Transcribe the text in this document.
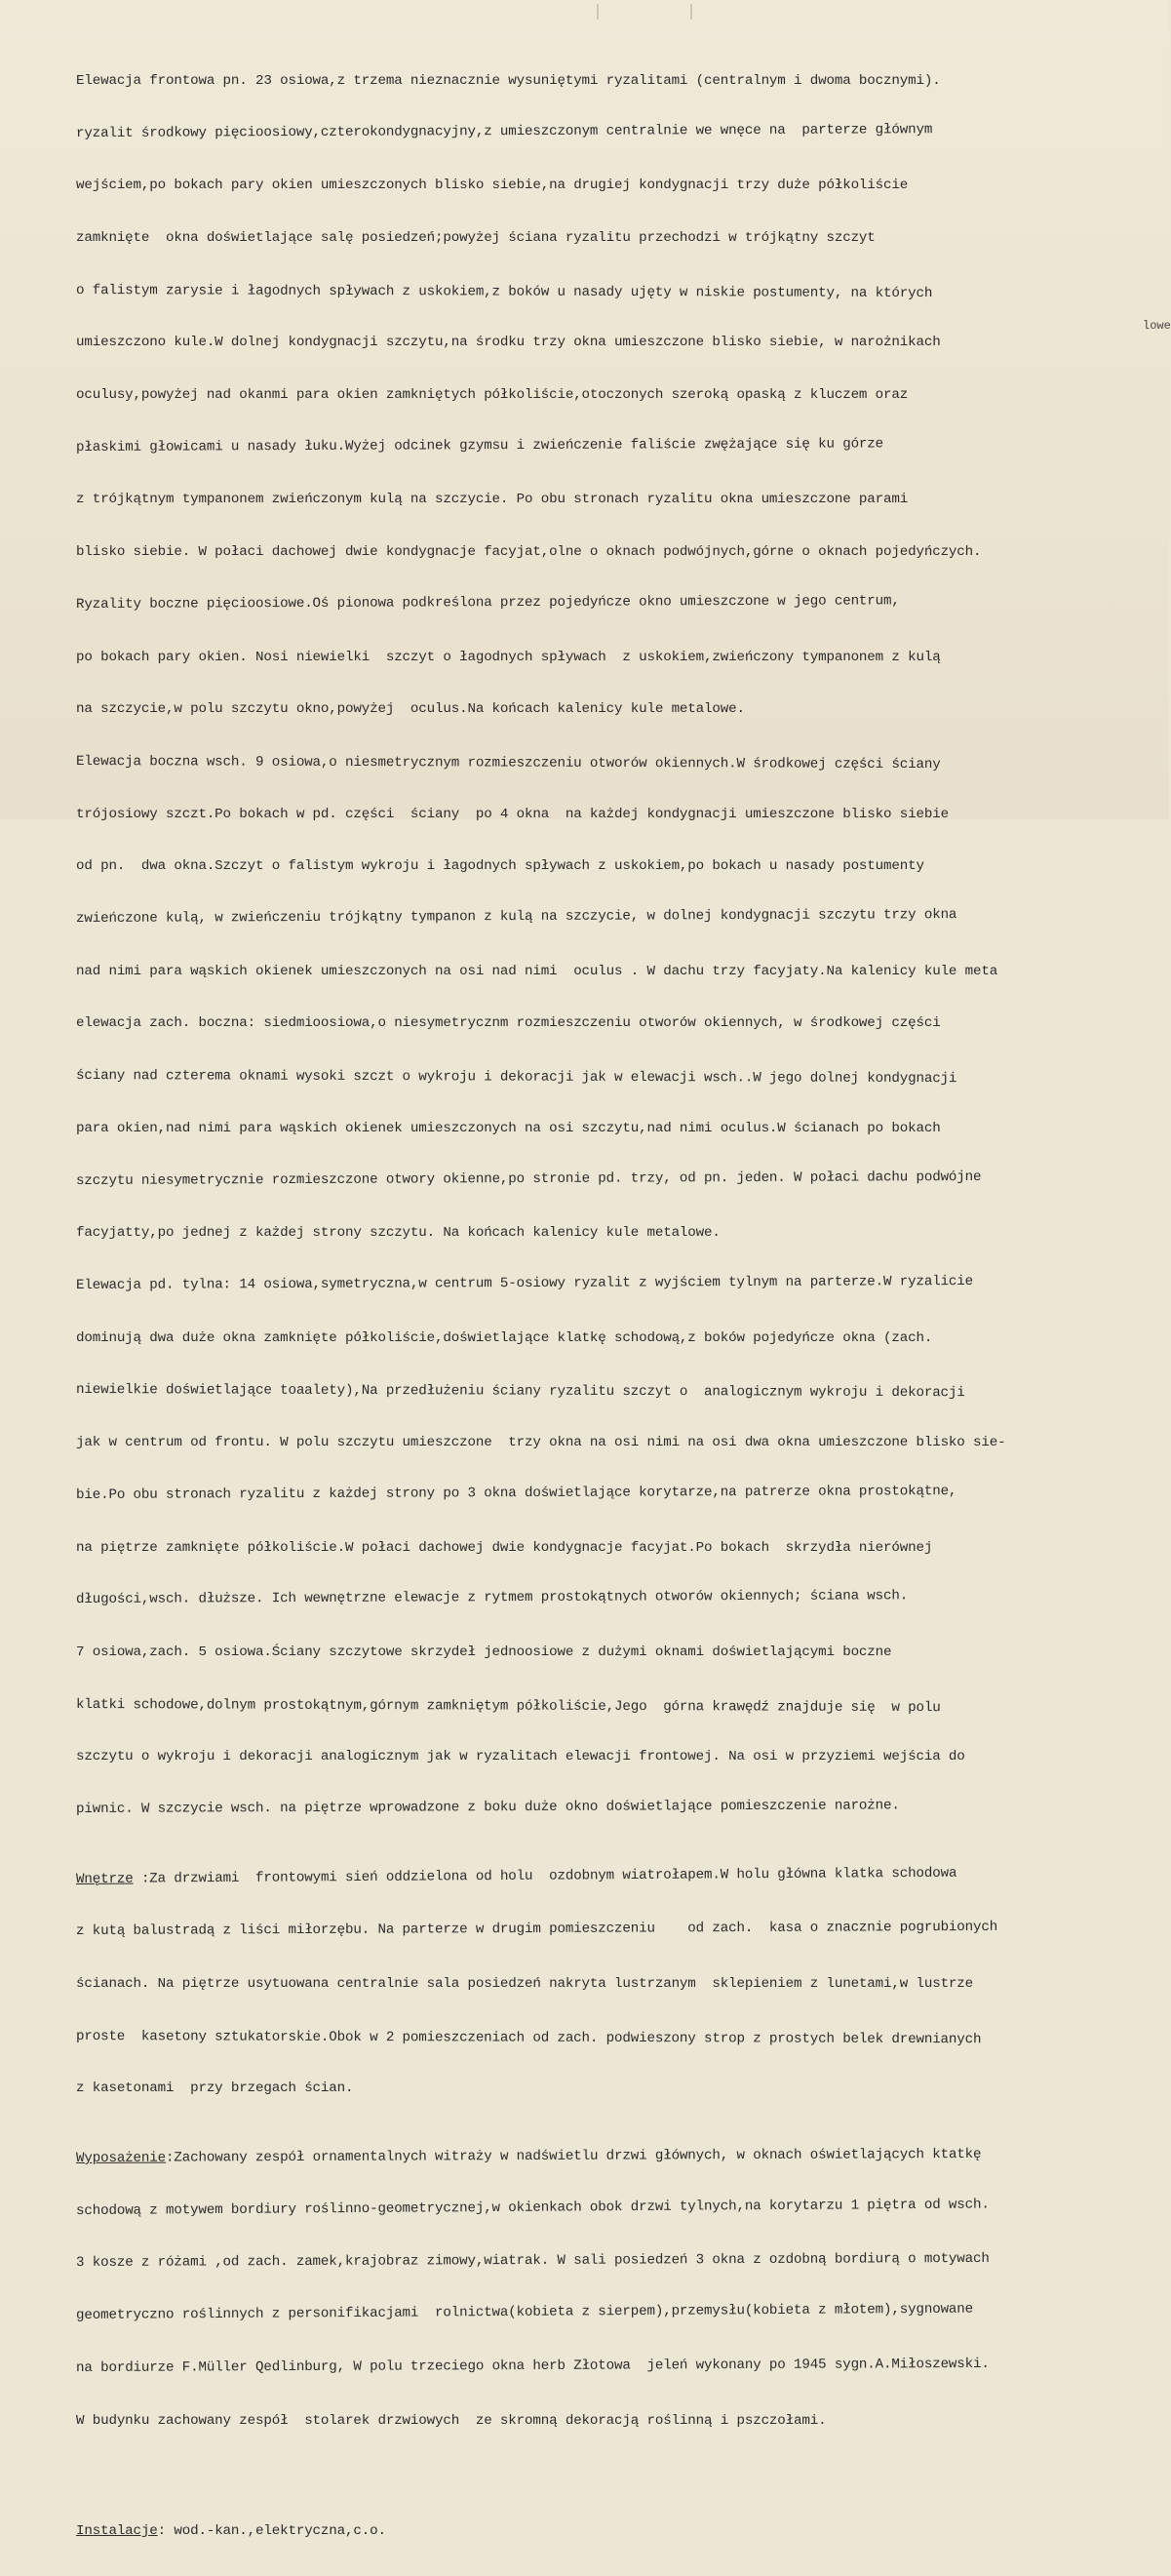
Elewacja frontowa pn. 23 osiowa,z trzema nieznacznie wysuniętymi ryzalitami (centralnym i dwoma bocznymi).

ryzalit środkowy pięcioosiowy,czterokondygnacyjny,z umieszczonym centralnie we wnęce na  parterze głównym

wejściem,po bokach pary okien umieszczonych blisko siebie,na drugiej kondygnacji trzy duże półkoliście

zamknięte  okna doświetlające salę posiedzeń;powyżej ściana ryzalitu przechodzi w trójkątny szczyt

o falistym zarysie i łagodnych spływach z uskokiem,z boków u nasady ujęty w niskie postumenty, na których

umieszczono kule.W dolnej kondygnacji szczytu,na środku trzy okna umieszczone blisko siebie, w narożnikach

oculusy,powyżej nad okanmi para okien zamkniętych półkoliście,otoczonych szeroką opaską z kluczem oraz

płaskimi głowicami u nasady łuku.Wyżej odcinek gzymsu i zwieńczenie faliście zwężające się ku górze

z trójkątnym tympanonem zwieńczonym kulą na szczycie. Po obu stronach ryzalitu okna umieszczone parami

blisko siebie. W połaci dachowej dwie kondygnacje facyjat,olne o oknach podwójnych,górne o oknach pojedyńczych.

Ryzality boczne pięcioosiowe.Oś pionowa podkreślona przez pojedyńcze okno umieszczone w jego centrum,

po bokach pary okien. Nosi niewielki  szczyt o łagodnych spływach  z uskokiem,zwieńczony tympanonem z kulą

na szczycie,w polu szczytu okno,powyżej  oculus.Na końcach kalenicy kule metalowe.

Elewacja boczna wsch. 9 osiowa,o niesmetrycznym rozmieszczeniu otworów okiennych.W środkowej części ściany

trójosiowy szczt.Po bokach w pd. części  ściany  po 4 okna  na każdej kondygnacji umieszczone blisko siebie

od pn.  dwa okna.Szczyt o falistym wykroju i łagodnych spływach z uskokiem,po bokach u nasady postumenty

zwieńczone kulą, w zwieńczeniu trójkątny tympanon z kulą na szczycie, w dolnej kondygnacji szczytu trzy okna

nad nimi para wąskich okienek umieszczonych na osi nad nimi  oculus . W dachu trzy facyjaty.Na kalenicy kule meta

elewacja zach. boczna: siedmioosiowa,o niesymetrycznm rozmieszczeniu otworów okiennych, w środkowej części

ściany nad czterema oknami wysoki szczt o wykroju i dekoracji jak w elewacji wsch..W jego dolnej kondygnacji

para okien,nad nimi para wąskich okienek umieszczonych na osi szczytu,nad nimi oculus.W ścianach po bokach

szczytu niesymetrycznie rozmieszczone otwory okienne,po stronie pd. trzy, od pn. jeden. W połaci dachu podwójne

facyjatty,po jednej z każdej strony szczytu. Na końcach kalenicy kule metalowe.

Elewacja pd. tylna: 14 osiowa,symetryczna,w centrum 5-osiowy ryzalit z wyjściem tylnym na parterze.W ryzalicie

dominują dwa duże okna zamknięte półkoliście,doświetlające klatkę schodową,z boków pojedyńcze okna (zach.

niewielkie doświetlające toaalety),Na przedłużeniu ściany ryzalitu szczyt o  analogicznym wykroju i dekoracji

jak w centrum od frontu. W polu szczytu umieszczone  trzy okna na osi nimi na osi dwa okna umieszczone blisko sie-

bie.Po obu stronach ryzalitu z każdej strony po 3 okna doświetlające korytarze,na patrerze okna prostokątne,

na piętrze zamknięte półkoliście.W połaci dachowej dwie kondygnacje facyjat.Po bokach  skrzydła nierównej

długości,wsch. dłuższe. Ich wewnętrzne elewacje z rytmem prostokątnych otworów okiennych; ściana wsch.

7 osiowa,zach. 5 osiowa.Ściany szczytowe skrzydeł jednoosiowe z dużymi oknami doświetlającymi boczne

klatki schodowe,dolnym prostokątnym,górnym zamkniętym półkoliście,Jego  górna krawędź znajduje się  w polu

szczytu o wykroju i dekoracji analogicznym jak w ryzalitach elewacji frontowej. Na osi w przyziemi wejścia do

piwnic. W szczycie wsch. na piętrze wprowadzone z boku duże okno doświetlające pomieszczenie narożne.

Wnętrze :Za drzwiami  frontowymi sień oddzielona od holu  ozdobnym wiatrołapem.W holu główna klatka schodowa

z kutą balustradą z liści miłorzębu. Na parterze w drugim pomieszczeniu    od zach.  kasa o znacznie pogrubionych

ścianach. Na piętrze usytuowana centralnie sala posiedzeń nakryta lustrzanym  sklepieniem z lunetami,w lustrze

proste  kasetony sztukatorskie.Obok w 2 pomieszczeniach od zach. podwieszony strop z prostych belek drewnianych

z kasetonami  przy brzegach ścian.

Wyposażenie:Zachowany zespół ornamentalnych witraży w nadświetlu drzwi głównych, w oknach oświetlających ktatkę

schodową z motywem bordiury roślinno-geometrycznej,w okienkach obok drzwi tylnych,na korytarzu 1 piętra od wsch.

3 kosze z różami ,od zach. zamek,krajobraz zimowy,wiatrak. W sali posiedzeń 3 okna z ozdobną bordiurą o motywach

geometryczno roślinnych z personifikacjami  rolnictwa(kobieta z sierpem),przemysłu(kobieta z młotem),sygnowane

na bordiurze F.Müller Qedlinburg, W polu trzeciego okna herb Złotowa  jeleń wykonany po 1945 sygn.A.Miłoszewski.

W budynku zachowany zespół  stolarek drzwiowych  ze skromną dekoracją roślinną i pszczołami.

Instalacje: wod.-kan.,elektryczna,c.o.

lowe
